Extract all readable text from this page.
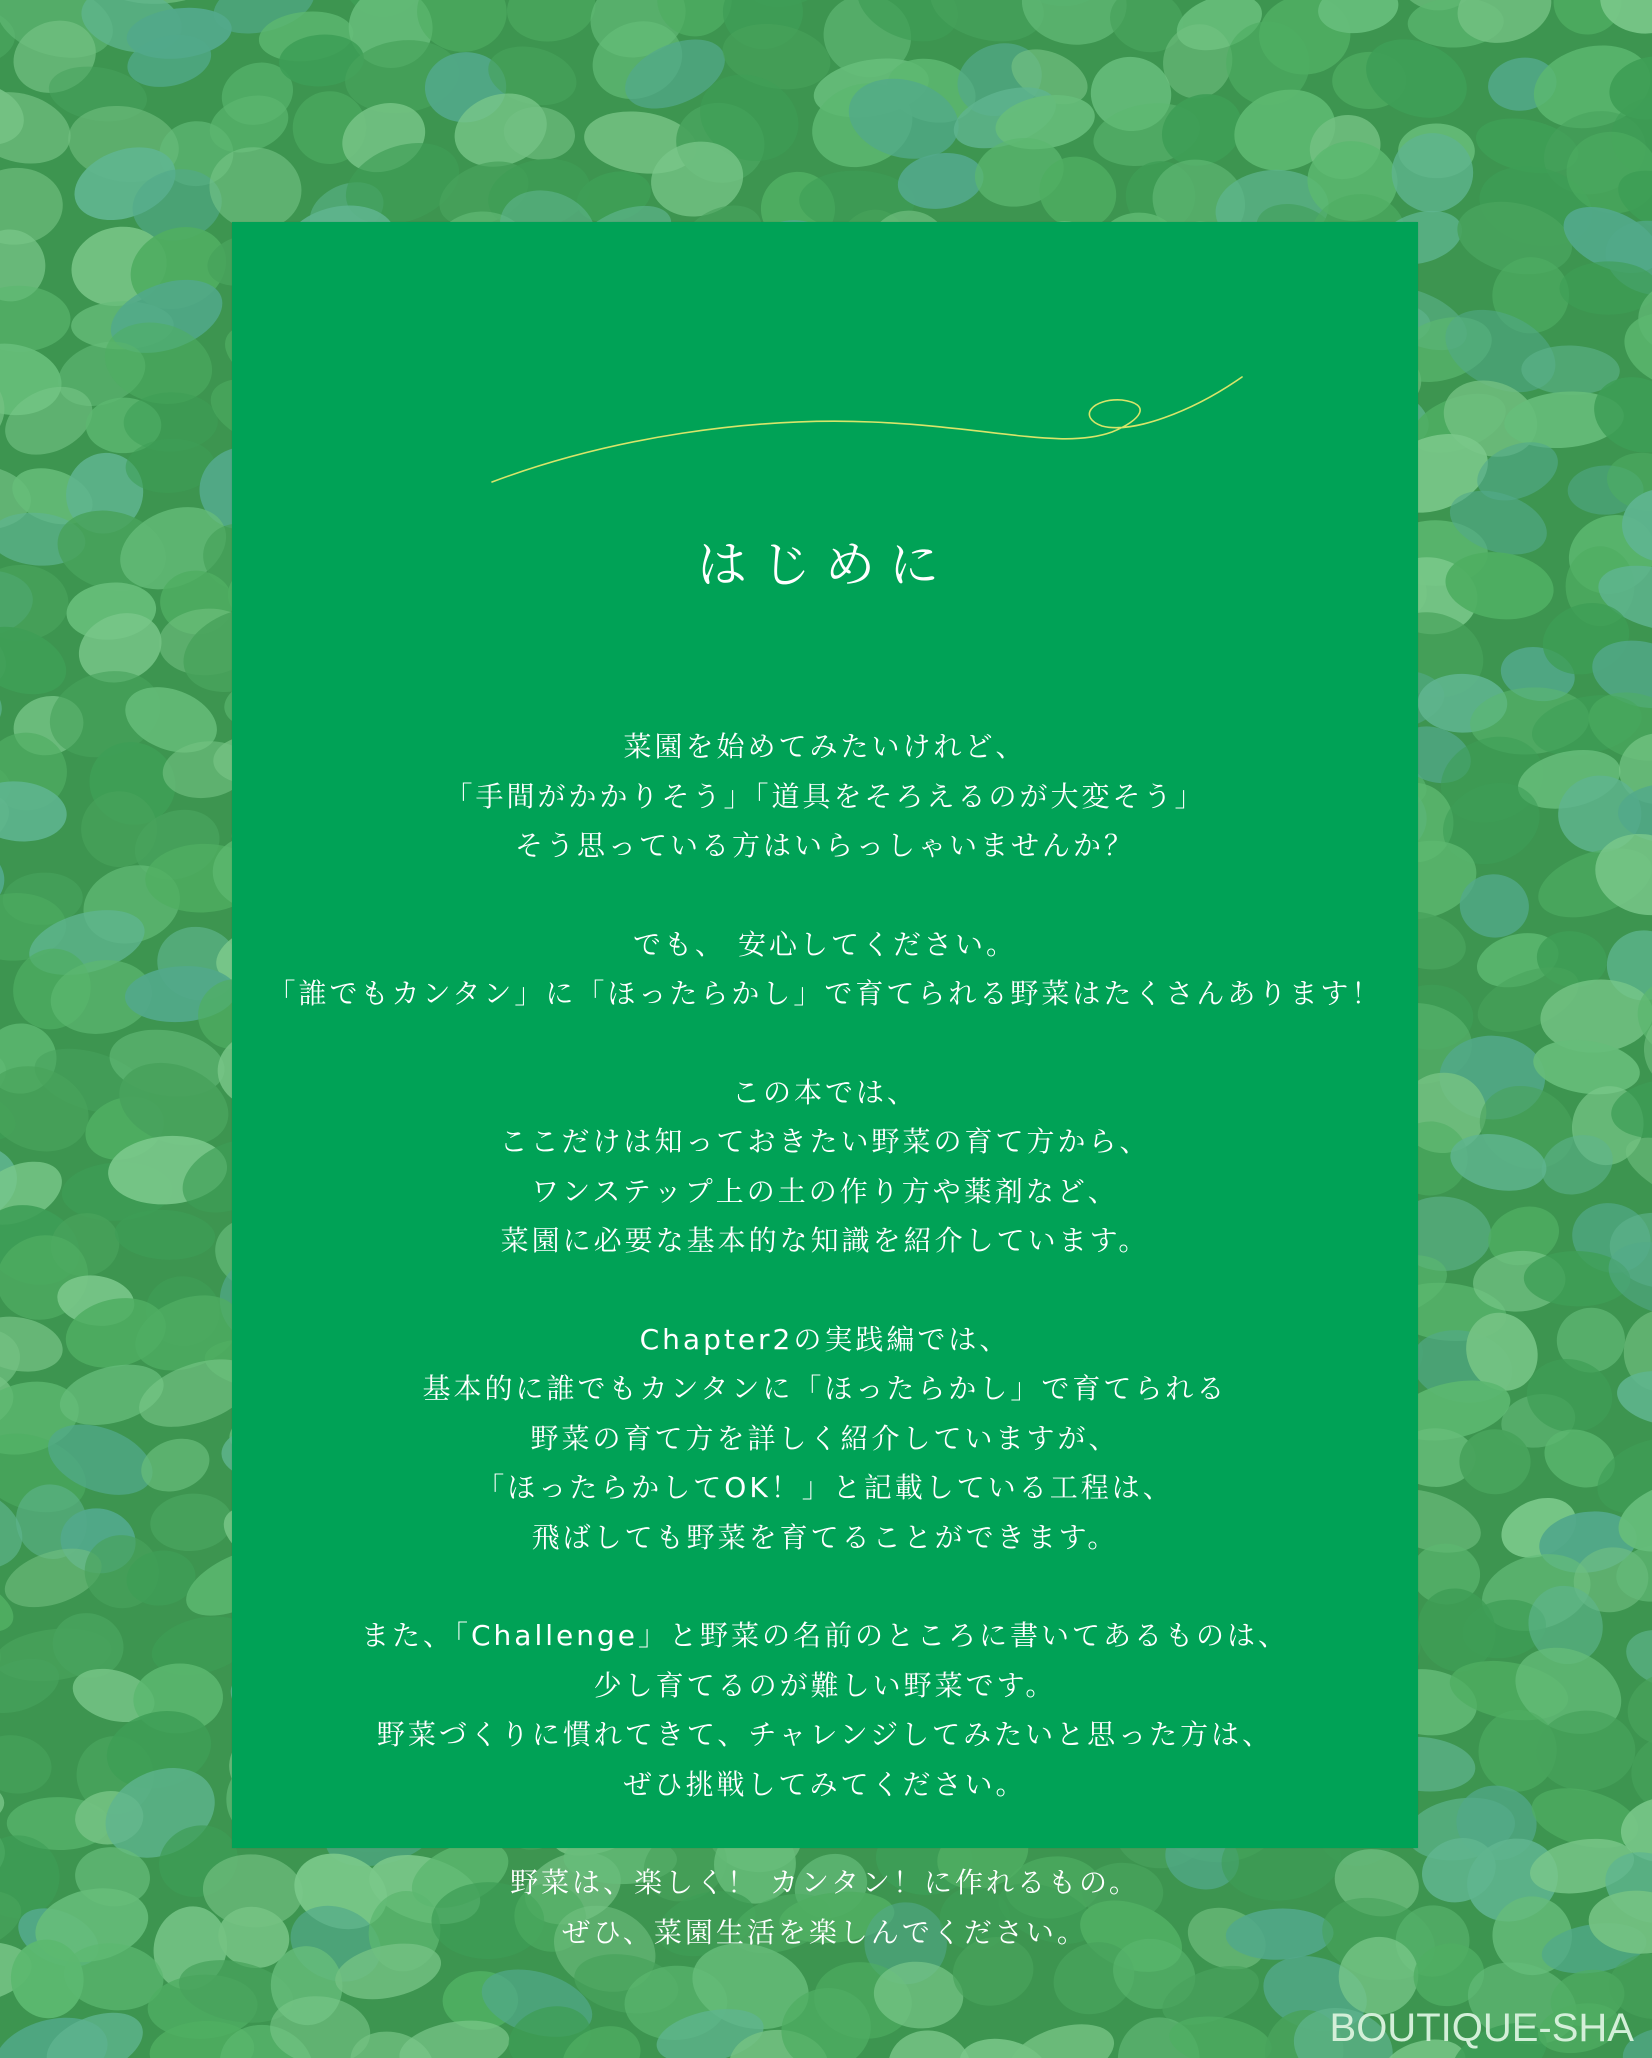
はじめに

菜園を始めてみたいけれど、
「手間がかかりそう」「道具をそろえるのが大変そう」
そう思っている方はいらっしゃいませんか？

でも、 安心してください。
「誰でもカンタン」に「ほったらかし」で育てられる野菜はたくさんあります！

この本では、
ここだけは知っておきたい野菜の育て方から、
ワンステップ上の土の作り方や薬剤など、
菜園に必要な基本的な知識を紹介しています。

Chapter2の実践編では、
基本的に誰でもカンタンに「ほったらかし」で育てられる
野菜の育て方を詳しく紹介していますが、
「ほったらかしてOK！」と記載している工程は、
飛ばしても野菜を育てることができます。

また、「Challenge」と野菜の名前のところに書いてあるものは、
少し育てるのが難しい野菜です。
野菜づくりに慣れてきて、チャレンジしてみたいと思った方は、
ぜひ挑戦してみてください。

野菜は、楽しく！ カンタン！に作れるもの。
ぜひ、菜園生活を楽しんでください。

BOUTIQUE-SHA
